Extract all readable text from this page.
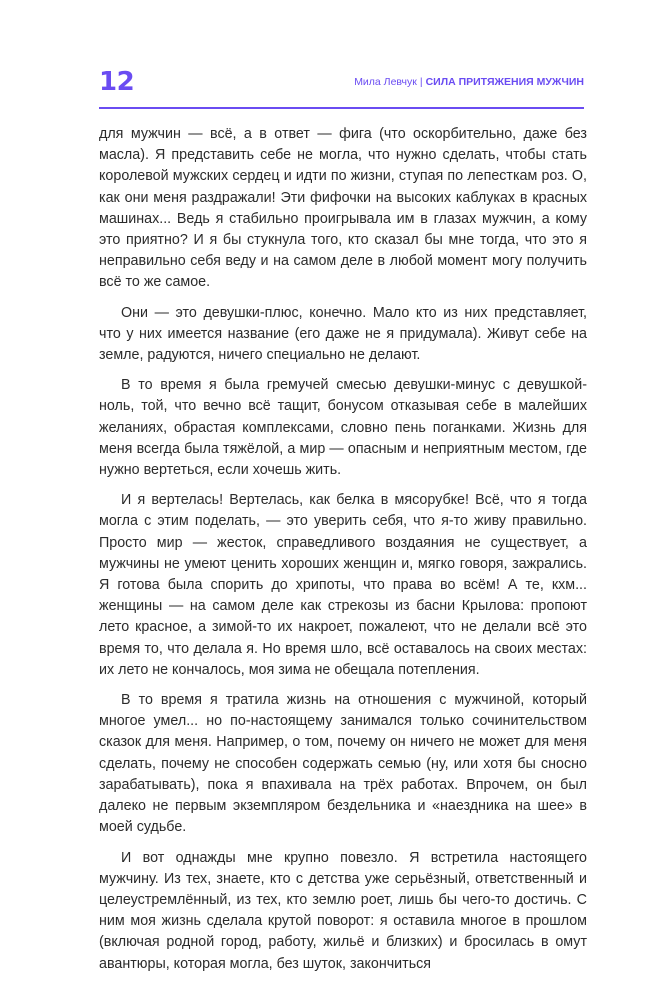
12	Мила Левчук | СИЛА ПРИТЯЖЕНИЯ МУЖЧИН

для мужчин — всё, а в ответ — фига (что оскорбительно, даже без масла). Я представить себе не могла, что нужно сделать, чтобы стать королевой мужских сердец и идти по жизни, ступая по лепесткам роз. О, как они меня раздражали! Эти фифочки на высоких каблуках в красных машинах... Ведь я стабильно проигрывала им в глазах мужчин, а кому это приятно? И я бы стукнула того, кто сказал бы мне тогда, что это я неправильно себя веду и на самом деле в любой момент могу получить всё то же самое.

Они — это девушки-плюс, конечно. Мало кто из них представляет, что у них имеется название (его даже не я придумала). Живут себе на земле, радуются, ничего специально не делают.

В то время я была гремучей смесью девушки-минус с девушкой-ноль, той, что вечно всё тащит, бонусом отказывая себе в малейших желаниях, обрастая комплексами, словно пень поганками. Жизнь для меня всегда была тяжёлой, а мир — опасным и неприятным местом, где нужно вертеться, если хочешь жить.

И я вертелась! Вертелась, как белка в мясорубке! Всё, что я тогда могла с этим поделать, — это уверить себя, что я-то живу правильно. Просто мир — жесток, справедливого воздаяния не существует, а мужчины не умеют ценить хороших женщин и, мягко говоря, зажрались. Я готова была спорить до хрипоты, что права во всём! А те, кхм... женщины — на самом деле как стрекозы из басни Крылова: пропоют лето красное, а зимой-то их накроет, пожалеют, что не делали всё это время то, что делала я. Но время шло, всё оставалось на своих местах: их лето не кончалось, моя зима не обещала потепления.

В то время я тратила жизнь на отношения с мужчиной, который многое умел... но по-настоящему занимался только сочинительством сказок для меня. Например, о том, почему он ничего не может для меня сделать, почему не способен содержать семью (ну, или хотя бы сносно зарабатывать), пока я впахивала на трёх работах. Впрочем, он был далеко не первым экземпляром бездельника и «наездника на шее» в моей судьбе.

И вот однажды мне крупно повезло. Я встретила настоящего мужчину. Из тех, знаете, кто с детства уже серьёзный, ответственный и целеустремлённый, из тех, кто землю роет, лишь бы чего-то достичь. С ним моя жизнь сделала крутой поворот: я оставила многое в прошлом (включая родной город, работу, жильё и близких) и бросилась в омут авантюры, которая могла, без шуток, закончиться
